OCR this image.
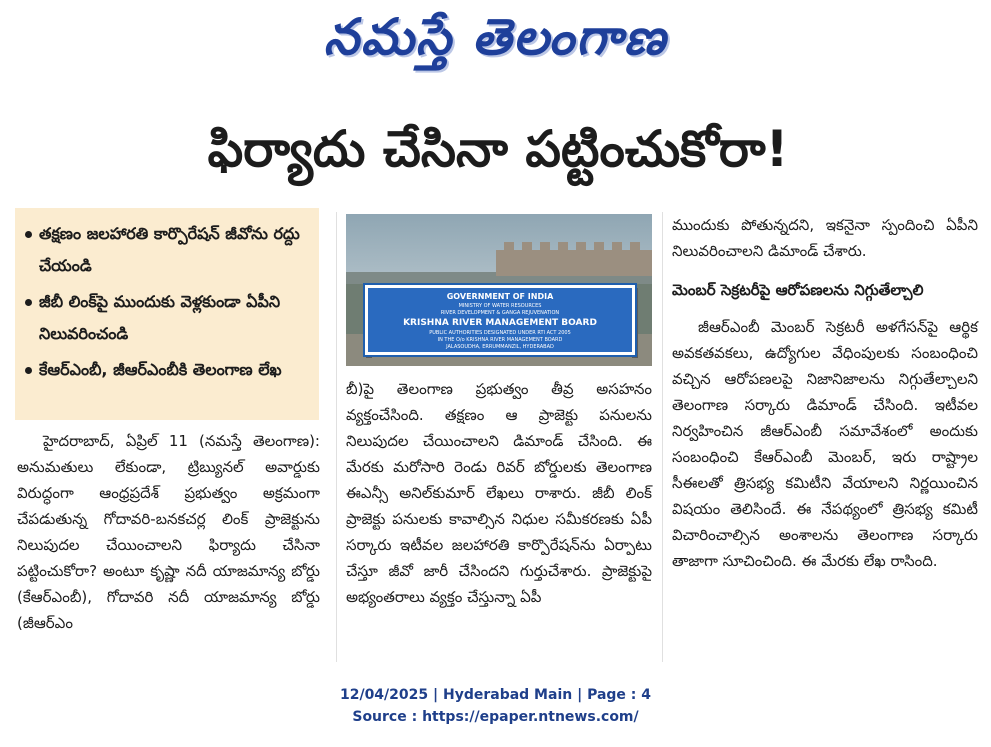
నమస్తే తెలంగాణ
ఫిర్యాదు చేసినా పట్టించుకోరా!
తక్షణం జలహారతి కార్పొరేషన్ జీవోను రద్దు చేయండి
జీబీ లింక్‌పై ముందుకు వెళ్లకుండా ఏపీని నిలువరించండి
కేఆర్ఎంబీ, జీఆర్ఎంబీకి తెలంగాణ లేఖ

హైదరాబాద్, ఏప్రిల్ 11 (నమస్తే తెలంగాణ): అనుమతులు లేకుండా, ట్రిబ్యునల్ అవార్డుకు విరుద్ధంగా ఆంధ్రప్రదేశ్ ప్రభుత్వం అక్రమంగా చేపడుతున్న గోదావరి-బనకచర్ల లింక్ ప్రాజెక్టును నిలుపుదల చేయించాలని ఫిర్యాదు చేసినా పట్టించుకోరా? అంటూ కృష్ణా నదీ యాజమాన్య బోర్డు (కేఆర్ఎంబీ), గోదావరి నదీ యాజమాన్య బోర్డు (జీఆర్ఎం

GOVERNMENT OF INDIA
MINISTRY OF WATER RESOURCES
RIVER DEVELOPMENT & GANGA REJUVENATION
KRISHNA RIVER MANAGEMENT BOARD
PUBLIC AUTHORITIES DESIGNATED UNDER RTI ACT 2005
IN THE O/o KRISHNA RIVER MANAGEMENT BOARD
JALASOUDHA, ERRUMMANZIL, HYDERABAD

బీ)పై తెలంగాణ ప్రభుత్వం తీవ్ర అసహనం వ్యక్తంచేసింది. తక్షణం ఆ ప్రాజెక్టు పనులను నిలుపుదల చేయించాలని డిమాండ్ చేసింది. ఈ మేరకు మరోసారి రెండు రివర్ బోర్డులకు తెలంగాణ ఈఎన్సీ అనిల్‌కుమార్ లేఖలు రాశారు. జీబీ లింక్ ప్రాజెక్టు పనులకు కావాల్సిన నిధుల సమీకరణకు ఏపీ సర్కారు ఇటీవల జలహారతి కార్పొరేషన్‌ను ఏర్పాటు చేస్తూ జీవో జారీ చేసిందని గుర్తుచేశారు. ప్రాజెక్టుపై అభ్యంతరాలు వ్యక్తం చేస్తున్నా ఏపీ

ముందుకు పోతున్నదని, ఇకనైనా స్పందించి ఏపీని నిలువరించాలని డిమాండ్ చేశారు.

మెంబర్ సెక్రటరీపై ఆరోపణలను నిగ్గుతేల్చాలి

జీఆర్ఎంబీ మెంబర్ సెక్రటరీ అళగేసన్‌పై ఆర్థిక అవకతవకలు, ఉద్యోగుల వేధింపులకు సంబంధించి వచ్చిన ఆరోపణలపై నిజానిజాలను నిగ్గుతేల్చాలని తెలంగాణ సర్కారు డిమాండ్ చేసింది. ఇటీవల నిర్వహించిన జీఆర్ఎంబీ సమావేశంలో అందుకు సంబంధించి కేఆర్ఎంబీ మెంబర్, ఇరు రాష్ట్రాల సీఈలతో త్రిసభ్య కమిటీని వేయాలని నిర్ణయించిన విషయం తెలిసిందే. ఈ నేపథ్యంలో త్రిసభ్య కమిటీ విచారించాల్సిన అంశాలను తెలంగాణ సర్కారు తాజాగా సూచించింది. ఈ మేరకు లేఖ రాసింది.

12/04/2025 | Hyderabad Main | Page : 4
Source : https://epaper.ntnews.com/
